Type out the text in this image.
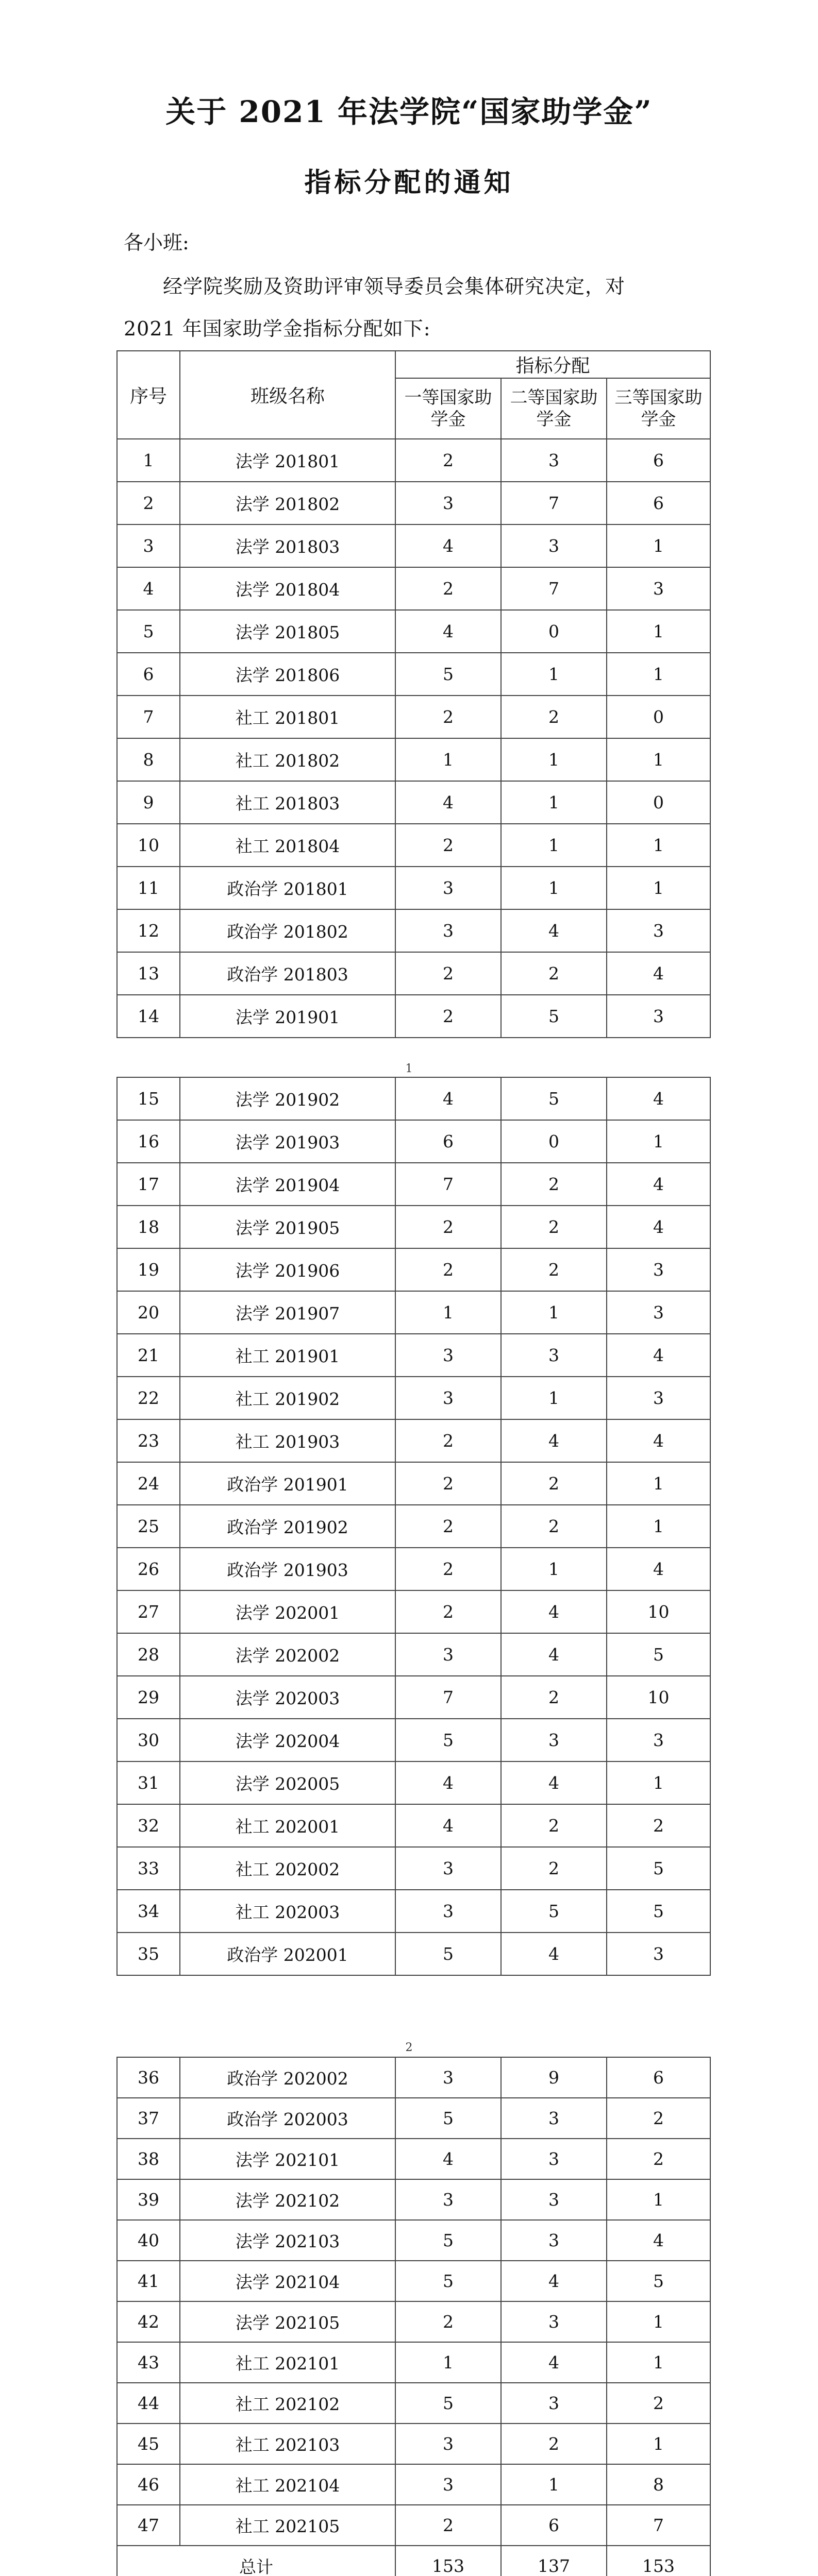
关于 2021 年法学院“国家助学金”
指标分配的通知
各小班:
经学院奖励及资助评审领导委员会集体研究决定，对
2021 年国家助学金指标分配如下:
序号	班级名称	指标分配		
		一等国家助学金	二等国家助学金	三等国家助学金
1	法学 201801	2	3	6
2	法学 201802	3	7	6
3	法学 201803	4	3	1
4	法学 201804	2	7	3
5	法学 201805	4	0	1
6	法学 201806	5	1	1
7	社工 201801	2	2	0
8	社工 201802	1	1	1
9	社工 201803	4	1	0
10	社工 201804	2	1	1
11	政治学 201801	3	1	1
12	政治学 201802	3	4	3
13	政治学 201803	2	2	4
14	法学 201901	2	5	3
1
15	法学 201902	4	5	4
16	法学 201903	6	0	1
17	法学 201904	7	2	4
18	法学 201905	2	2	4
19	法学 201906	2	2	3
20	法学 201907	1	1	3
21	社工 201901	3	3	4
22	社工 201902	3	1	3
23	社工 201903	2	4	4
24	政治学 201901	2	2	1
25	政治学 201902	2	2	1
26	政治学 201903	2	1	4
27	法学 202001	2	4	10
28	法学 202002	3	4	5
29	法学 202003	7	2	10
30	法学 202004	5	3	3
31	法学 202005	4	4	1
32	社工 202001	4	2	2
33	社工 202002	3	2	5
34	社工 202003	3	5	5
35	政治学 202001	5	4	3
2
36	政治学 202002	3	9	6
37	政治学 202003	5	3	2
38	法学 202101	4	3	2
39	法学 202102	3	3	1
40	法学 202103	5	3	4
41	法学 202104	5	4	5
42	法学 202105	2	3	1
43	社工 202101	1	4	1
44	社工 202102	5	3	2
45	社工 202103	3	2	1
46	社工 202104	3	1	8
47	社工 202105	2	6	7
总计		153	137	153
